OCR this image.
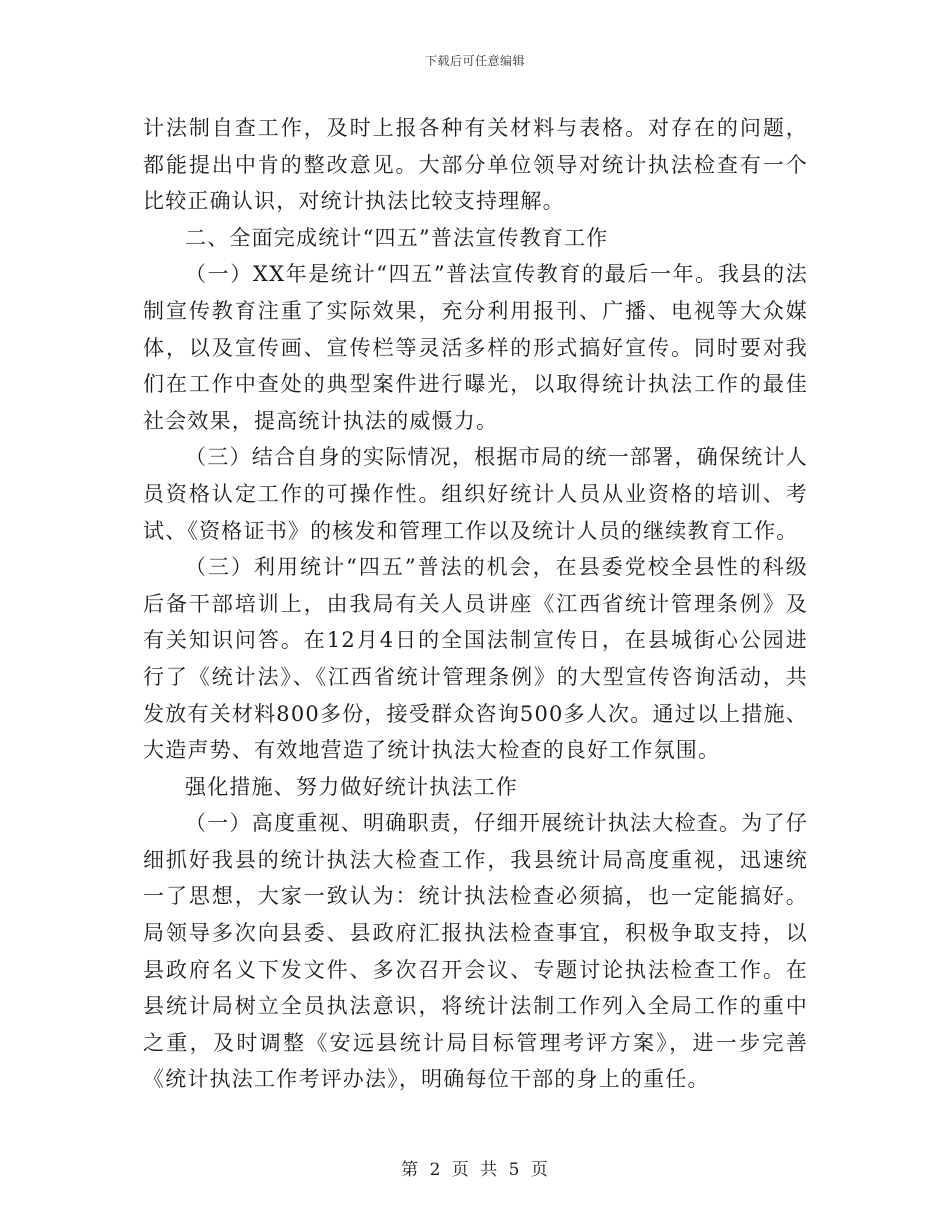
下载后可任意编辑

计法制自查工作，及时上报各种有关材料与表格。对存在的问题，都能提出中肯的整改意见。大部分单位领导对统计执法检查有一个比较正确认识，对统计执法比较支持理解。

二、全面完成统计“四五”普法宣传教育工作

（一）XX年是统计“四五”普法宣传教育的最后一年。我县的法制宣传教育注重了实际效果，充分利用报刊、广播、电视等大众媒体，以及宣传画、宣传栏等灵活多样的形式搞好宣传。同时要对我们在工作中查处的典型案件进行曝光，以取得统计执法工作的最佳社会效果，提高统计执法的威慑力。

（三）结合自身的实际情况，根据市局的统一部署，确保统计人员资格认定工作的可操作性。组织好统计人员从业资格的培训、考试、《资格证书》的核发和管理工作以及统计人员的继续教育工作。

（三）利用统计“四五”普法的机会，在县委党校全县性的科级后备干部培训上，由我局有关人员讲座《江西省统计管理条例》及有关知识问答。在12月4日的全国法制宣传日，在县城街心公园进行了《统计法》、《江西省统计管理条例》的大型宣传咨询活动，共发放有关材料800多份，接受群众咨询500多人次。通过以上措施、大造声势、有效地营造了统计执法大检查的良好工作氛围。

强化措施、努力做好统计执法工作

（一）高度重视、明确职责，仔细开展统计执法大检查。为了仔细抓好我县的统计执法大检查工作，我县统计局高度重视，迅速统一了思想，大家一致认为：统计执法检查必须搞，也一定能搞好。局领导多次向县委、县政府汇报执法检查事宜，积极争取支持，以县政府名义下发文件、多次召开会议、专题讨论执法检查工作。在县统计局树立全员执法意识，将统计法制工作列入全局工作的重中之重，及时调整《安远县统计局目标管理考评方案》，进一步完善《统计执法工作考评办法》，明确每位干部的身上的重任。

第 2 页 共 5 页
